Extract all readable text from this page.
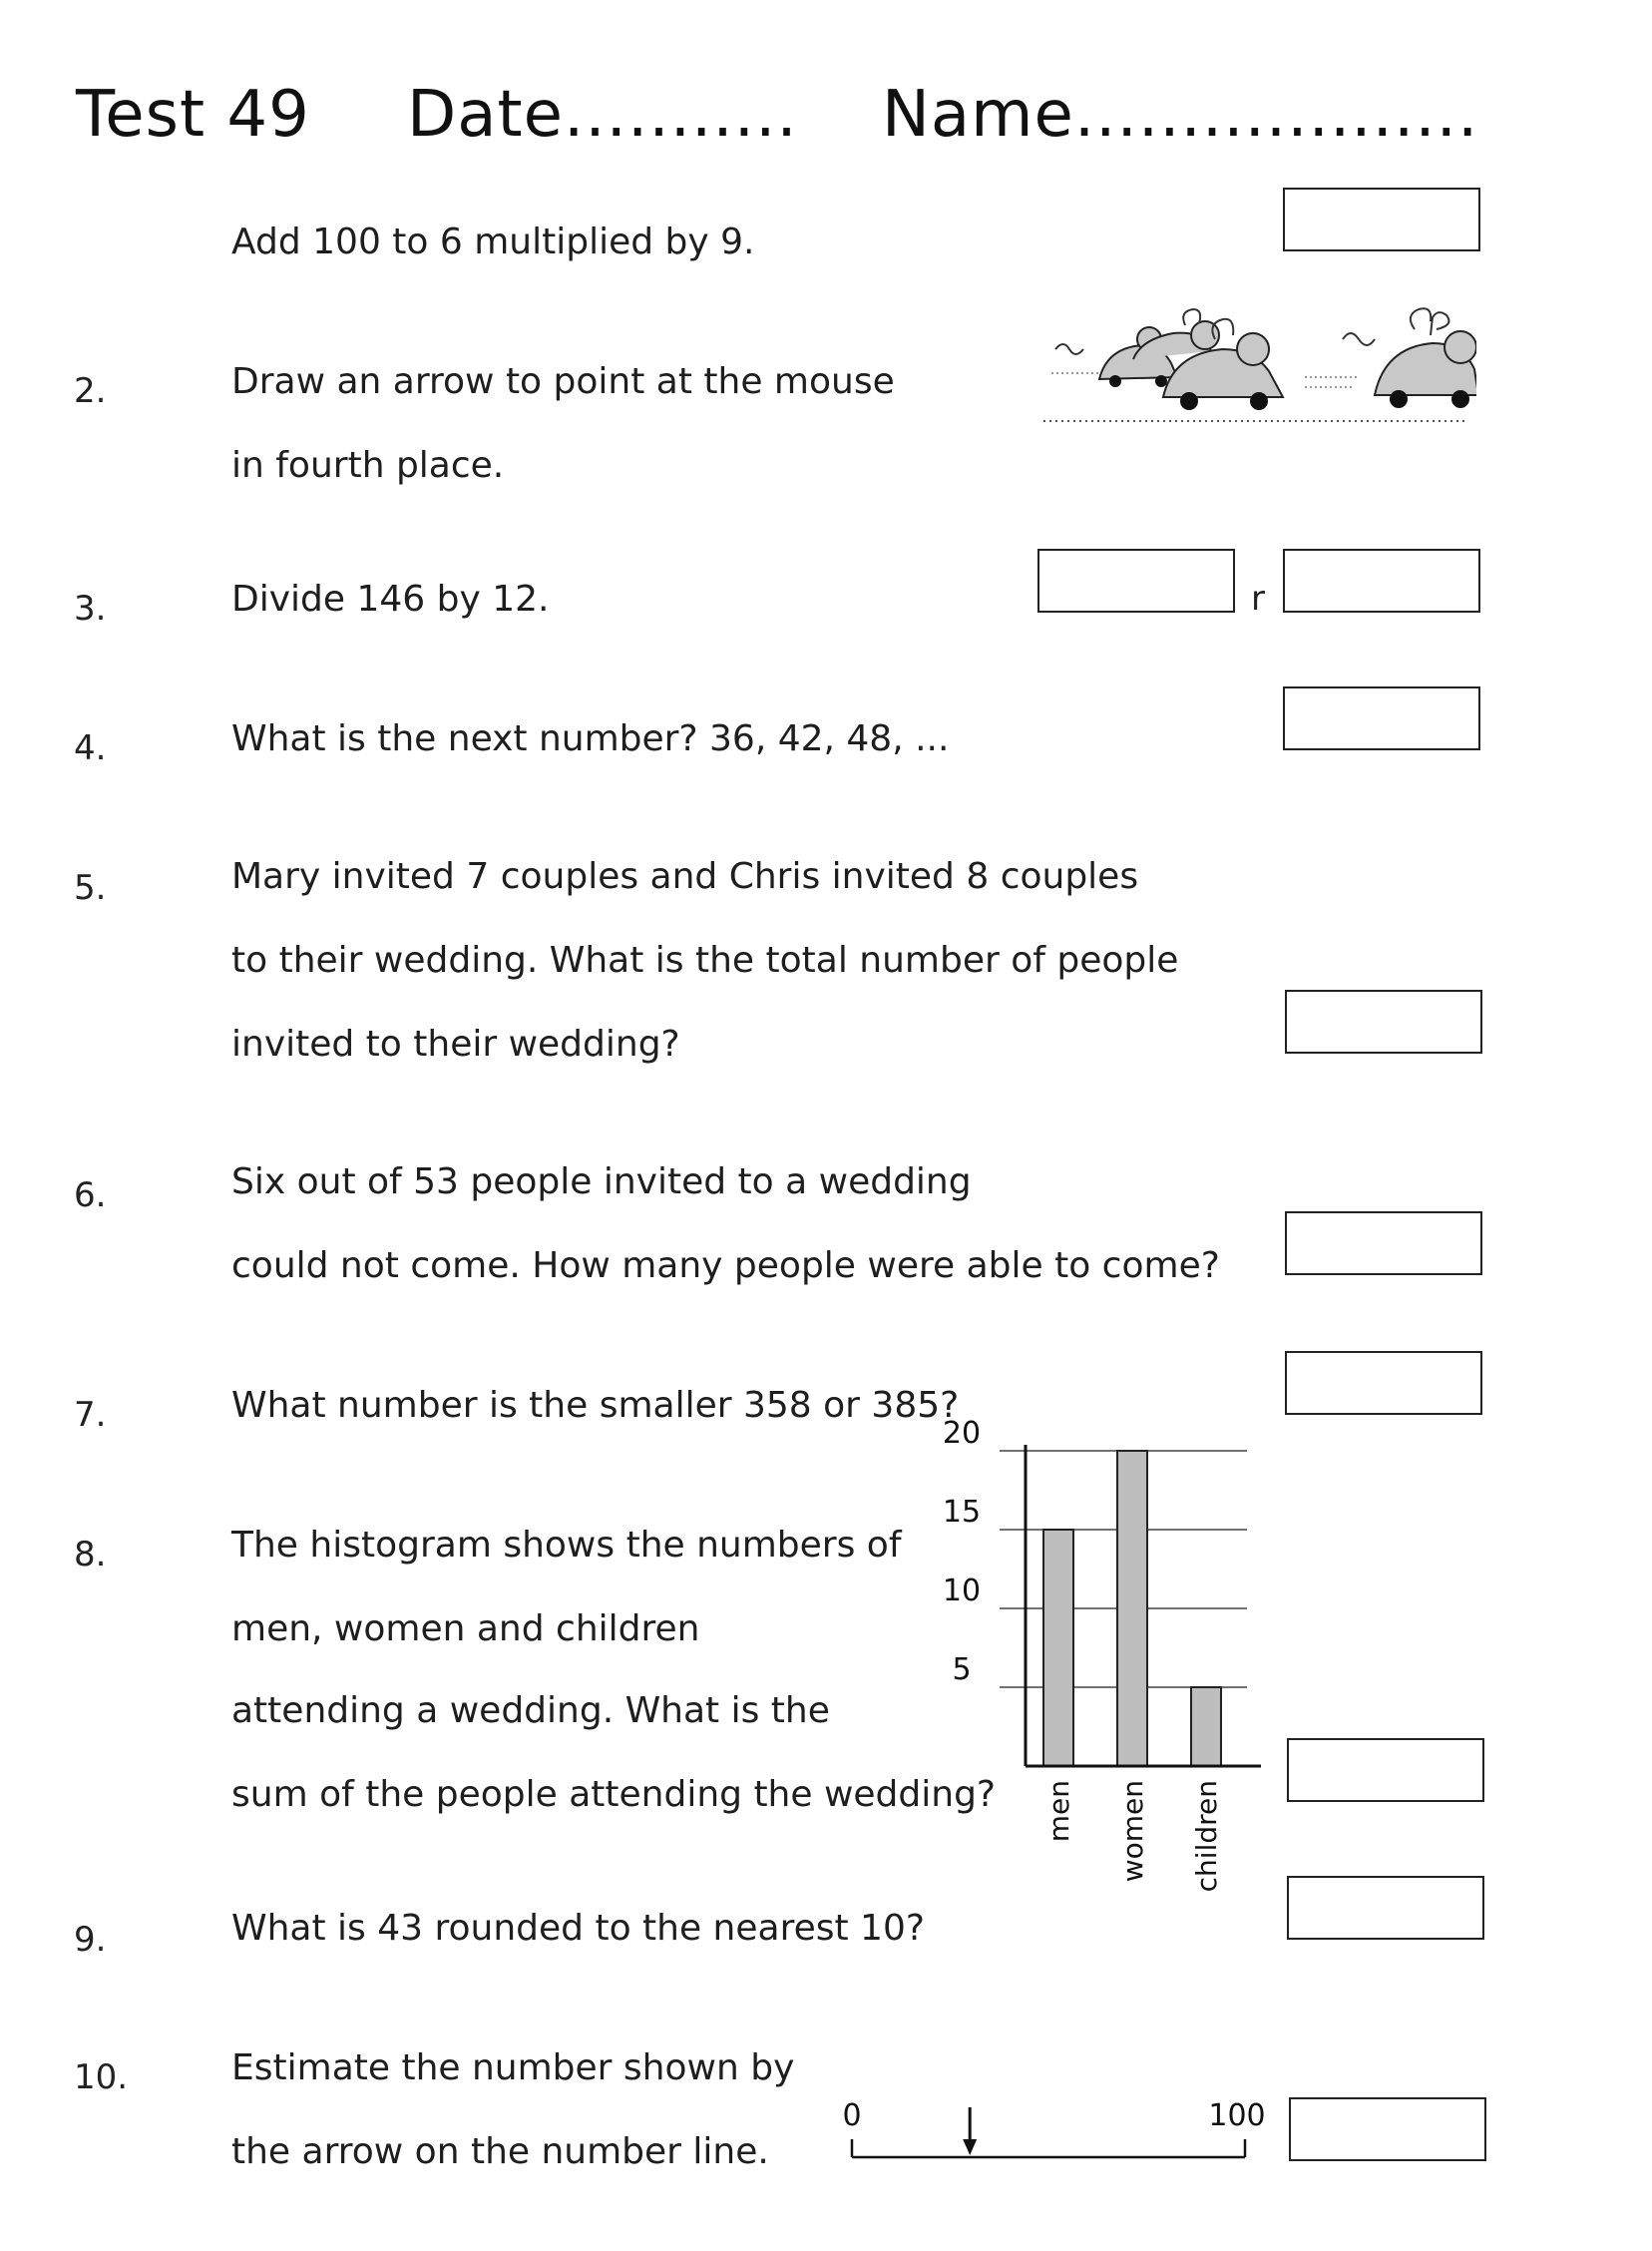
Test 49 Date........... Name...................
Add 100 to 6 multiplied by 9.
2.	Draw an arrow to point at the mouse
in fourth place.
3.	Divide 146 by 12.	r
4.	What is the next number? 36, 42, 48, ...
5.	Mary invited 7 couples and Chris invited 8 couples
to their wedding. What is the total number of people
invited to their wedding?
6.	Six out of 53 people invited to a wedding
could not come. How many people were able to come?
7.	What number is the smaller 358 or 385?
8.	The histogram shows the numbers of
men, women and children
attending a wedding. What is the
sum of the people attending the wedding?
5
10
15
20
men women children
9.	What is 43 rounded to the nearest 10?
10.	Estimate the number shown by
the arrow on the number line.
0	100
